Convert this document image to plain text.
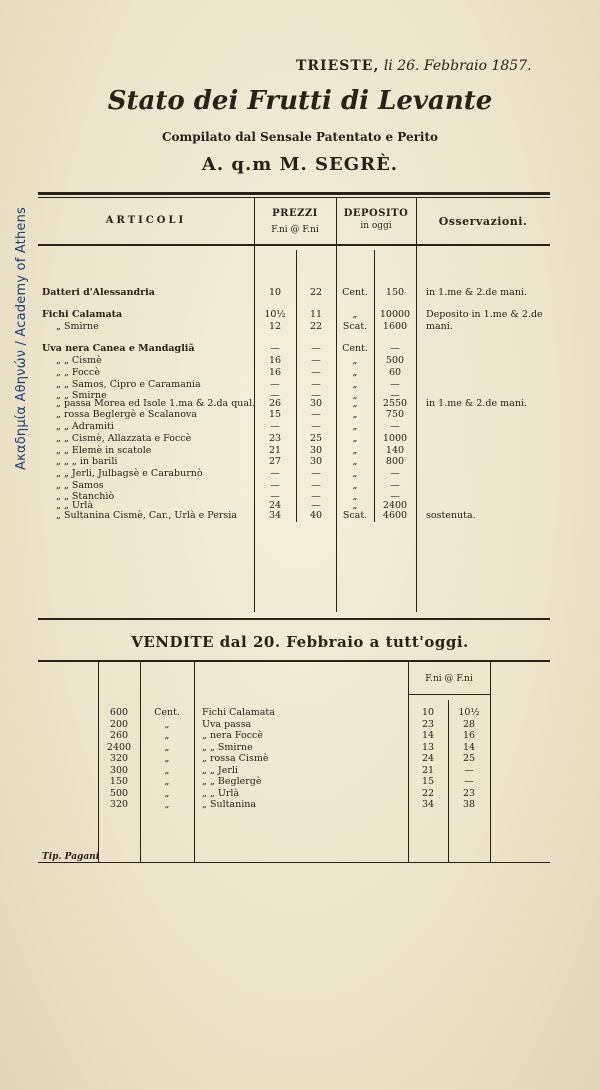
Ακαδημία Αθηνών / Academy of Athens
TRIESTE, li 26. Febbraio 1857.
Stato dei Frutti di Levante
Compilato dal Sensale Patentato e Perito
A. q.m M. SEGRÈ.
ARTICOLI
PREZZI
F.ni @ F.ni
DEPOSITO
in oggi	Osservazioni.
Datteri d'Alessandria	10	22	Cent.	150	in 1.me & 2.de mani.
Fichi Calamata	10½	11	„	10000	Deposito in 1.me & 2.de
„ Smirne	12	22	Scat.	1600	mani.
Uva nera Canea e Mandagliã	—	—	Cent.	—
„ „ Cismè	16	—	„	500
„ „ Foccè	16	—	„	60
„ „ Samos, Cipro e Caramania	—	—	„	—
„ „ Smirne	—	—	„	—
„ passa Morea ed Isole 1.ma & 2.da qual.	26	30	„	2550	in 1.me & 2.de mani.
„ rossa Beglergè e Scalanova	15	—	„	750
„ „ Adramiti	—	—	„	—
„ „ Cismè, Allazzata e Foccè	23	25	„	1000
„ „ Elemè in scatole	21	30	„	140
„ „ „ in barili	27	30	„	800
„ „ Jerli, Julbagsè e Caraburnò	—	—	„	—
„ „ Samos	—	—	„	—
„ „ Stanchiò	—	—	„	—
„ „ Urlà	24	—	„	2400
„ Sultanina Cismè, Car., Urlà e Persia	34	40	Scat.	4600	sostenuta.
VENDITE dal 20. Febbraio a tutt'oggi.
F.ni @ F.ni
600	Cent.	Fichi Calamata	10	10½
200	„	Uva passa	23	28
260	„	„ nera Foccè	14	16
2400	„	„ „ Smirne	13	14
320	„	„ rossa Cismè	24	25
300	„	„ „ Jerli	21	—
150	„	„ „ Beglergè	15	—
500	„	„ „ Urlà	22	23
320	„	„ Sultanina	34	38
Tip. Pagani
